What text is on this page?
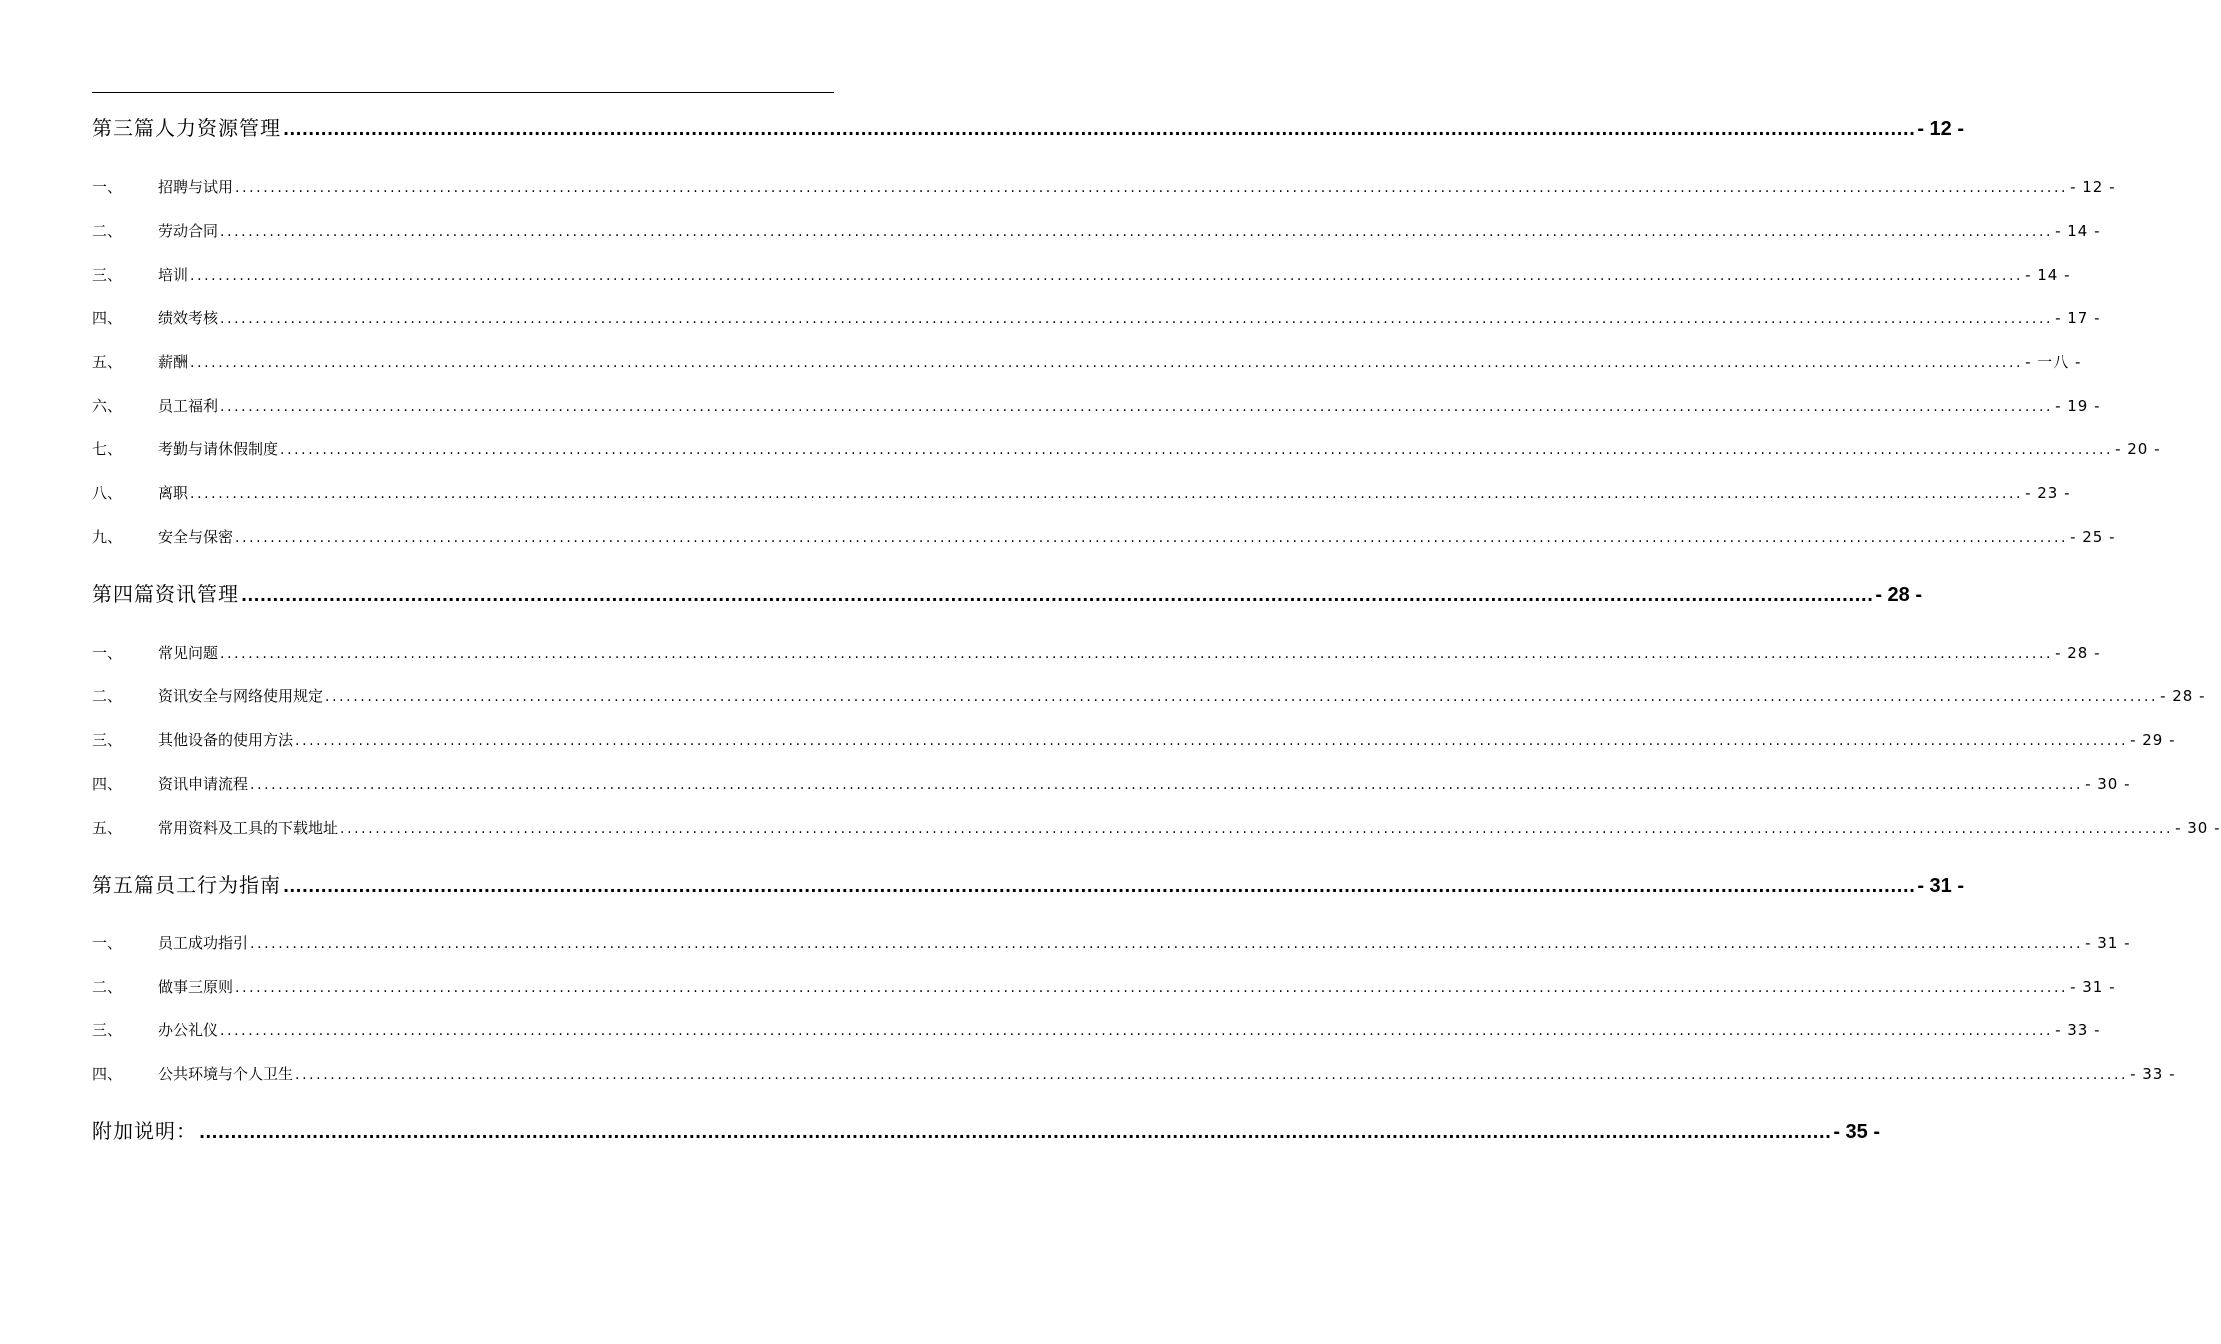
第三篇人力资源管理 .................................................................................................................................................................................................................................................................... - 12 -
一、	招聘与试用 .................................................................................................................................................................................................................................................................... - 12 -
二、	劳动合同 .................................................................................................................................................................................................................................................................... - 14 -
三、	培训 .................................................................................................................................................................................................................................................................... - 14 -
四、	绩效考核 .................................................................................................................................................................................................................................................................... - 17 -
五、	薪酬 .................................................................................................................................................................................................................................................................... - 一八 -
六、	员工福利 .................................................................................................................................................................................................................................................................... - 19 -
七、	考勤与请休假制度 .................................................................................................................................................................................................................................................................... - 20 -
八、	离职 .................................................................................................................................................................................................................................................................... - 23 -
九、	安全与保密 .................................................................................................................................................................................................................................................................... - 25 -
第四篇资讯管理 .................................................................................................................................................................................................................................................................... - 28 -
一、	常见问题 .................................................................................................................................................................................................................................................................... - 28 -
二、	资讯安全与网络使用规定 .................................................................................................................................................................................................................................................................... - 28 -
三、	其他设备的使用方法 .................................................................................................................................................................................................................................................................... - 29 -
四、	资讯申请流程 .................................................................................................................................................................................................................................................................... - 30 -
五、	常用资料及工具的下载地址 .................................................................................................................................................................................................................................................................... - 30 -
第五篇员工行为指南 .................................................................................................................................................................................................................................................................... - 31 -
一、	员工成功指引 .................................................................................................................................................................................................................................................................... - 31 -
二、	做事三原则 .................................................................................................................................................................................................................................................................... - 31 -
三、	办公礼仪 .................................................................................................................................................................................................................................................................... - 33 -
四、	公共环境与个人卫生 .................................................................................................................................................................................................................................................................... - 33 -
附加说明： .................................................................................................................................................................................................................................................................... - 35 -
